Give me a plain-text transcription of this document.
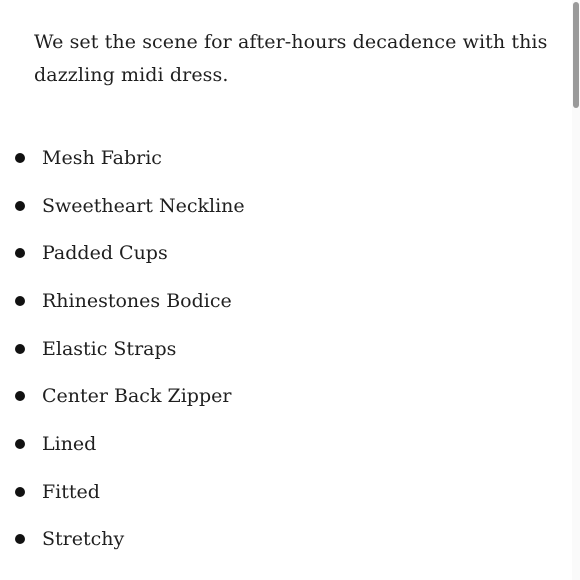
We set the scene for after-hours decadence with this dazzling midi dress.

Mesh Fabric
Sweetheart Neckline
Padded Cups
Rhinestones Bodice
Elastic Straps
Center Back Zipper
Lined
Fitted
Stretchy
